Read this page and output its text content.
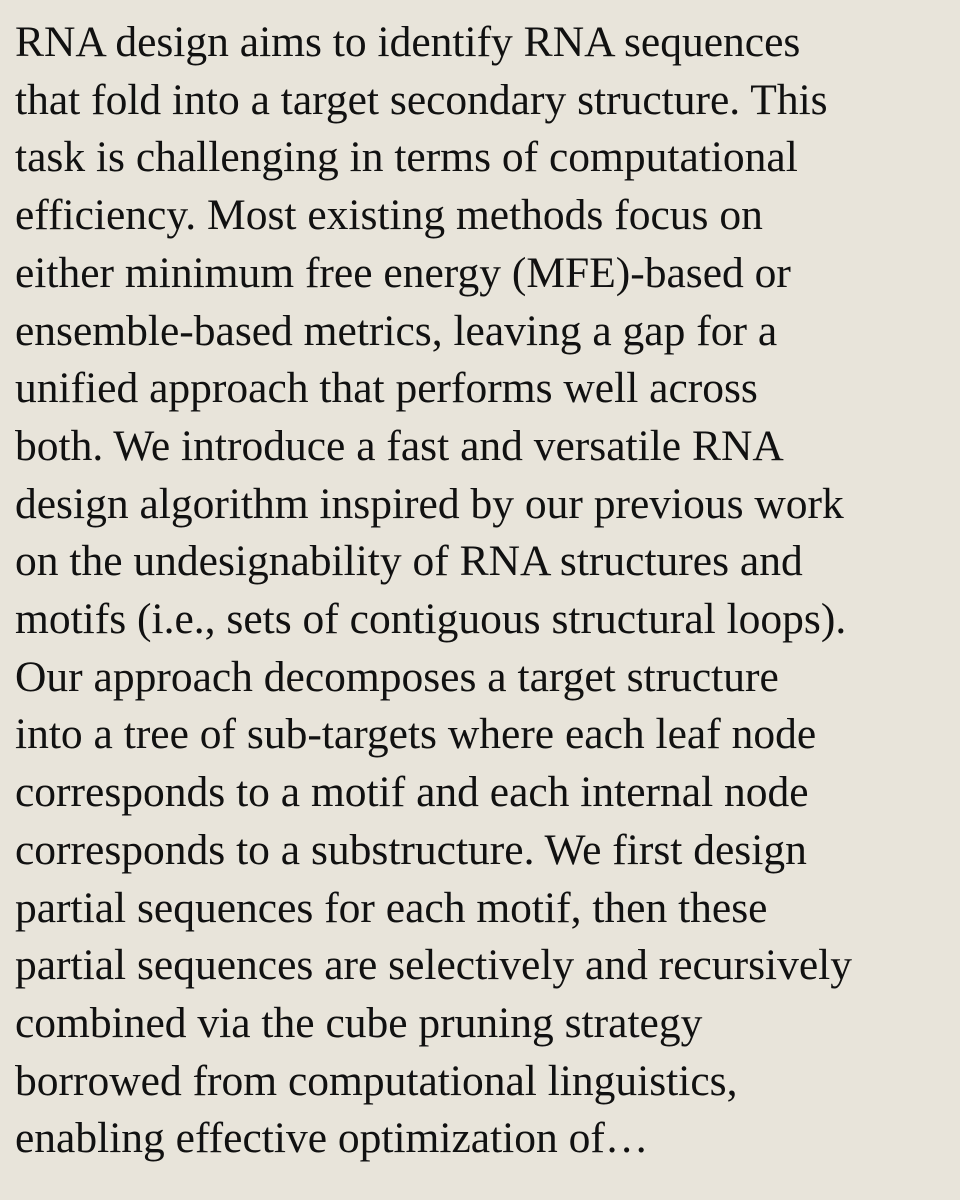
RNA design aims to identify RNA sequences
that fold into a target secondary structure. This
task is challenging in terms of computational
efficiency. Most existing methods focus on
either minimum free energy (MFE)-based or
ensemble-based metrics, leaving a gap for a
unified approach that performs well across
both. We introduce a fast and versatile RNA
design algorithm inspired by our previous work
on the undesignability of RNA structures and
motifs (i.e., sets of contiguous structural loops).
Our approach decomposes a target structure
into a tree of sub-targets where each leaf node
corresponds to a motif and each internal node
corresponds to a substructure. We first design
partial sequences for each motif, then these
partial sequences are selectively and recursively
combined via the cube pruning strategy
borrowed from computational linguistics,
enabling effective optimization of…
